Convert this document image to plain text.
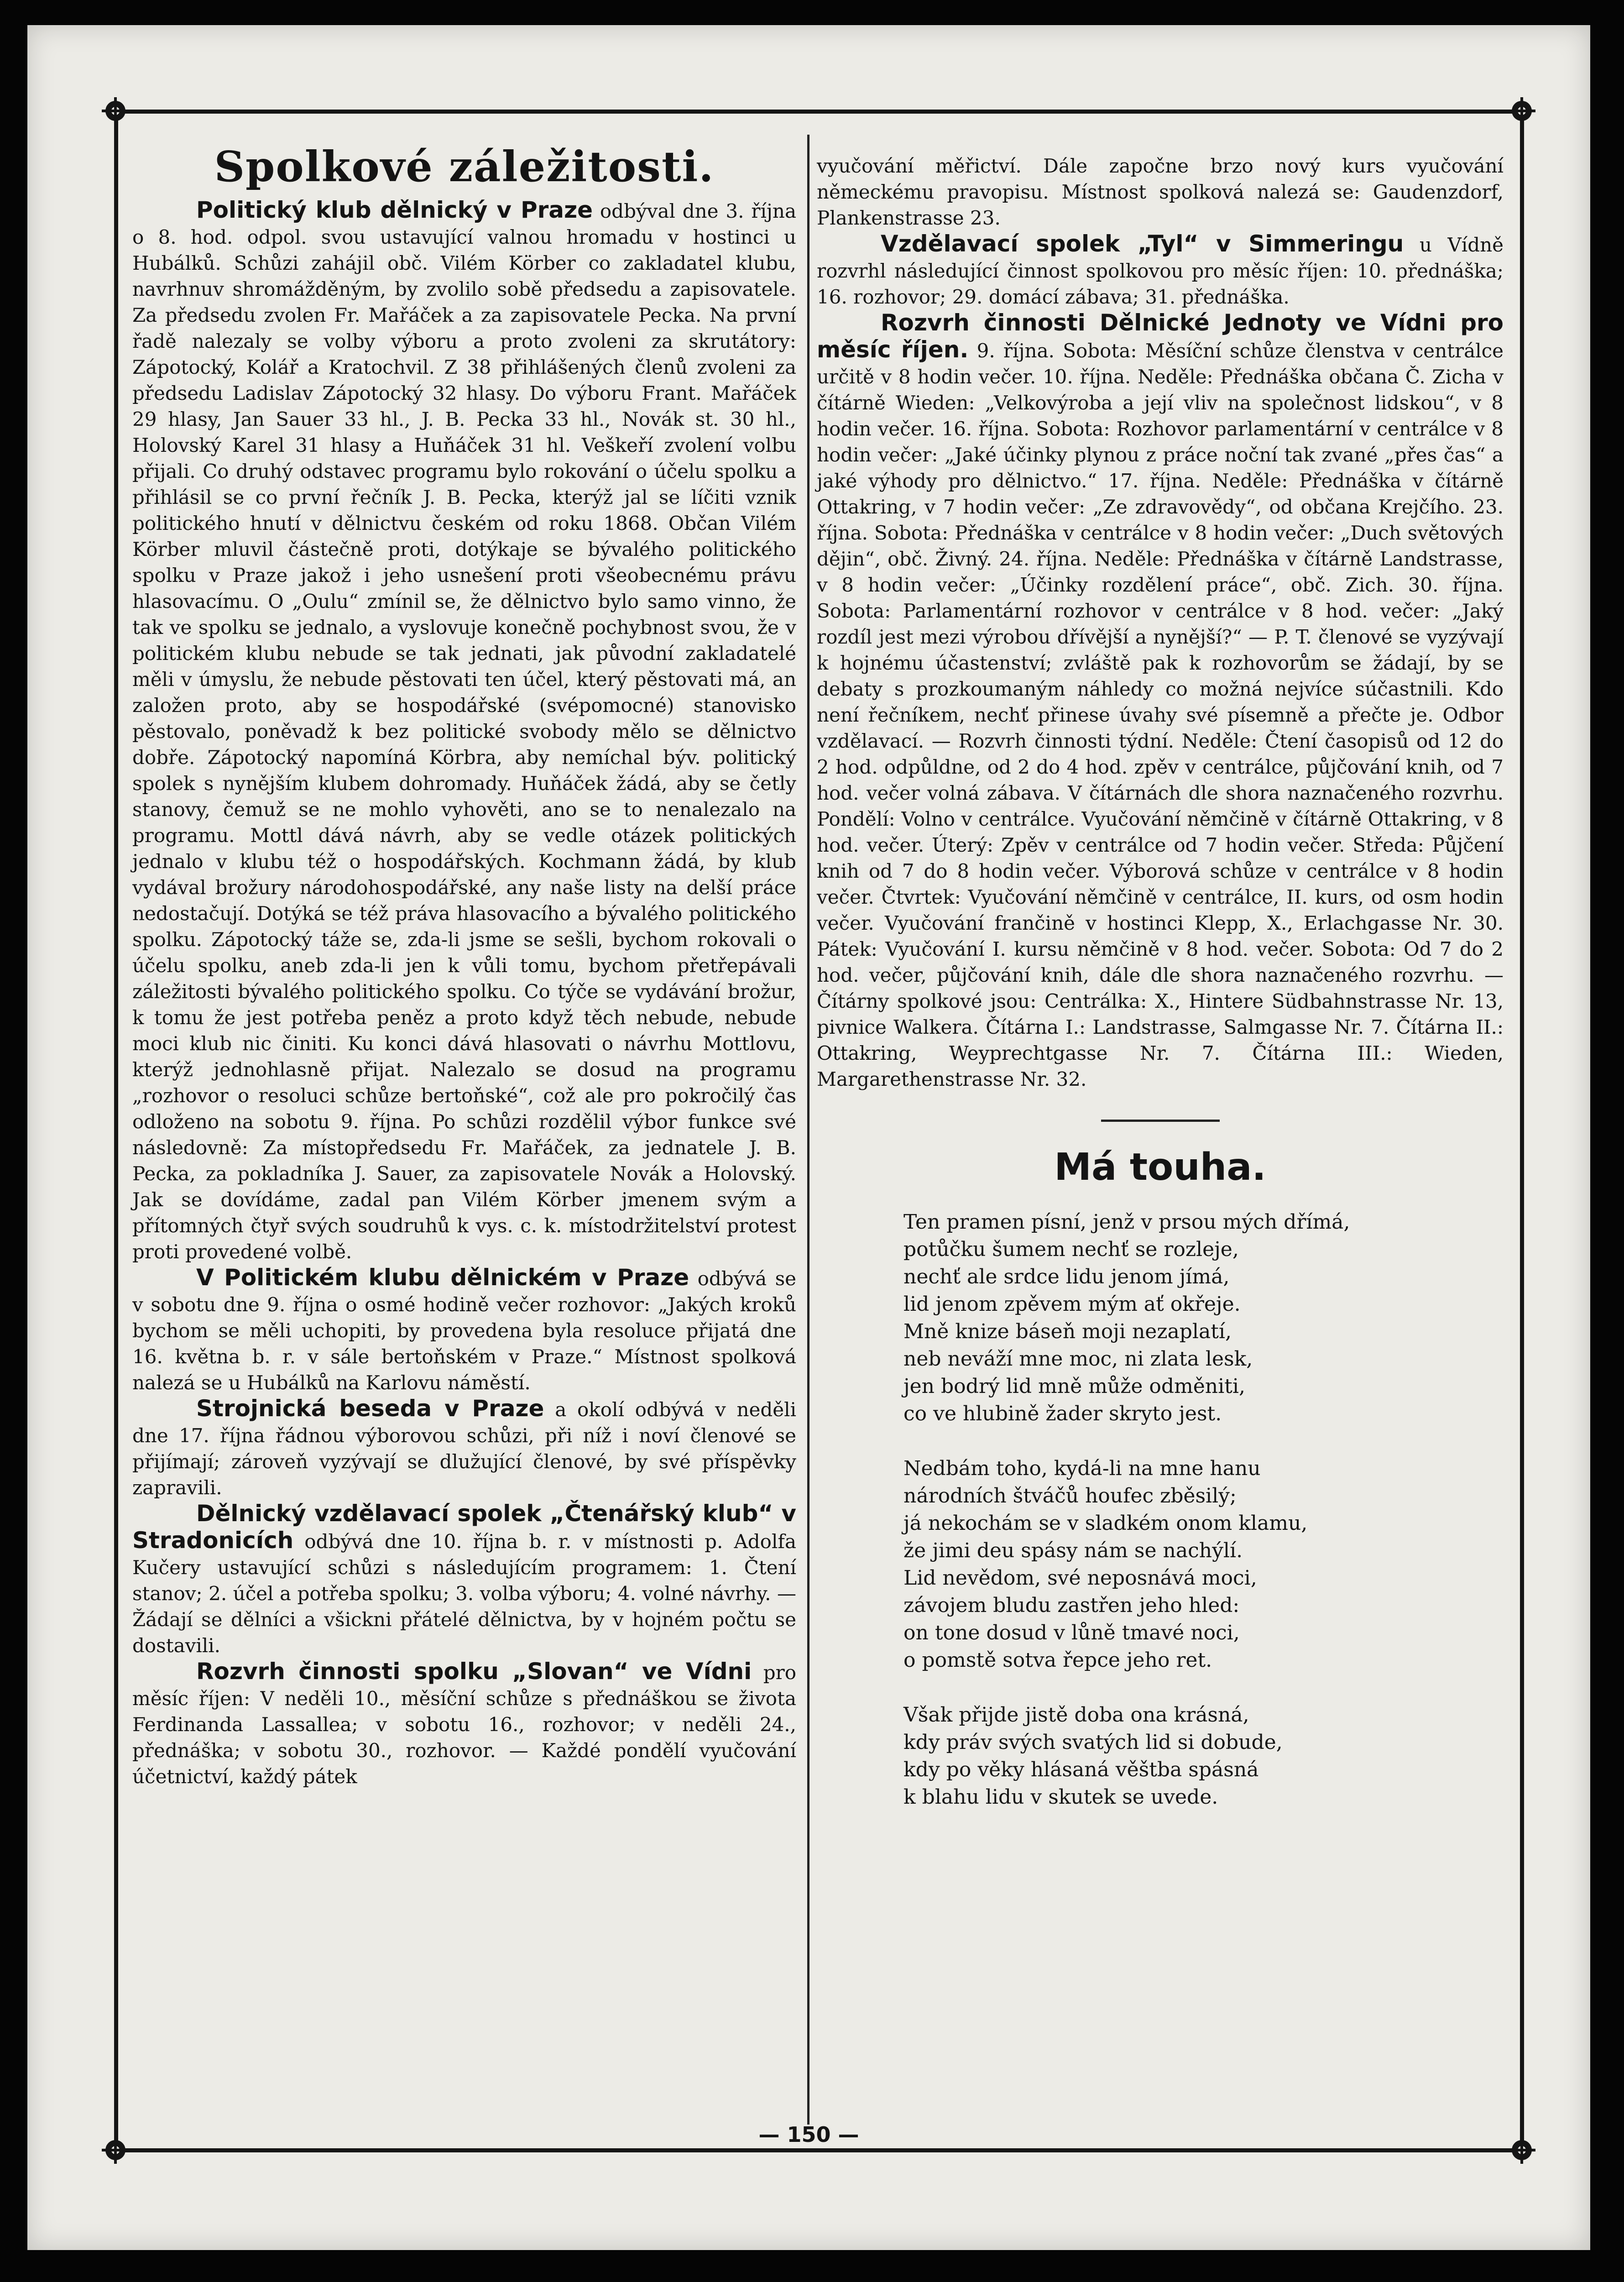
Spolkové záležitosti.

Politický klub dělnický v Praze odbýval dne 3. října o 8. hod. odpol. svou ustavující valnou hromadu v hostinci u Hubálků. Schůzi zahájil obč. Vilém Körber co zakladatel klubu, navrhnuv shromážděným, by zvolilo sobě předsedu a zapisovatele. Za předsedu zvolen Fr. Mařáček a za zapisovatele Pecka. Na první řadě nalezaly se volby výboru a proto zvoleni za skrutátory: Zápotocký, Kolář a Kratochvil. Z 38 přihlášených členů zvoleni za předsedu Ladislav Zápotocký 32 hlasy. Do výboru Frant. Mařáček 29 hlasy, Jan Sauer 33 hl., J. B. Pecka 33 hl., Novák st. 30 hl., Holovský Karel 31 hlasy a Huňáček 31 hl. Veškeří zvolení volbu přijali. Co druhý odstavec programu bylo rokování o účelu spolku a přihlásil se co první řečník J. B. Pecka, kterýž jal se líčiti vznik politického hnutí v dělnictvu českém od roku 1868. Občan Vilém Körber mluvil částečně proti, dotýkaje se bývalého politického spolku v Praze jakož i jeho usnešení proti všeobecnému právu hlasovacímu. O „Oulu“ zmínil se, že dělnictvo bylo samo vinno, že tak ve spolku se jednalo, a vyslovuje konečně pochybnost svou, že v politickém klubu nebude se tak jednati, jak původní zakladatelé měli v úmyslu, že nebude pěstovati ten účel, který pěstovati má, an založen proto, aby se hospodářské (svépomocné) stanovisko pěstovalo, poněvadž k bez politické svobody mělo se dělnictvo dobře. Zápotocký napomíná Körbra, aby nemíchal býv. politický spolek s nynějším klubem dohromady. Huňáček žádá, aby se četly stanovy, čemuž se ne mohlo vyhověti, ano se to nenalezalo na programu. Mottl dává návrh, aby se vedle otázek politických jednalo v klubu též o hospodářských. Kochmann žádá, by klub vydával brožury národohospodářské, any naše listy na delší práce nedostačují. Dotýká se též práva hlasovacího a bývalého politického spolku. Zápotocký táže se, zda-li jsme se sešli, bychom rokovali o účelu spolku, aneb zda-li jen k vůli tomu, bychom přetřepávali záležitosti bývalého politického spolku. Co týče se vydávání brožur, k tomu že jest potřeba peněz a proto když těch nebude, nebude moci klub nic činiti. Ku konci dává hlasovati o návrhu Mottlovu, kterýž jednohlasně přijat. Nalezalo se dosud na programu „rozhovor o resoluci schůze bertoňské“, což ale pro pokročilý čas odloženo na sobotu 9. října. Po schůzi rozdělil výbor funkce své následovně: Za místopředsedu Fr. Mařáček, za jednatele J. B. Pecka, za pokladníka J. Sauer, za zapisovatele Novák a Holovský. Jak se dovídáme, zadal pan Vilém Körber jmenem svým a přítomných čtyř svých soudruhů k vys. c. k. místodržitelství protest proti provedené volbě.

V Politickém klubu dělnickém v Praze odbývá se v sobotu dne 9. října o osmé hodině večer rozhovor: „Jakých kroků bychom se měli uchopiti, by provedena byla resoluce přijatá dne 16. května b. r. v sále bertoňském v Praze.“ Místnost spolková nalezá se u Hubálků na Karlovu náměstí.

Strojnická beseda v Praze a okolí odbývá v neděli dne 17. října řádnou výborovou schůzi, při níž i noví členové se přijímají; zároveň vyzývají se dlužující členové, by své příspěvky zapravili.

Dělnický vzdělavací spolek „Čtenářský klub“ v Stradonicích odbývá dne 10. října b. r. v místnosti p. Adolfa Kučery ustavující schůzi s následujícím programem: 1. Čtení stanov; 2. účel a potřeba spolku; 3. volba výboru; 4. volné návrhy. — Žádají se dělníci a všickni přátelé dělnictva, by v hojném počtu se dostavili.

Rozvrh činnosti spolku „Slovan“ ve Vídni pro měsíc říjen: V neděli 10., měsíční schůze s přednáškou se života Ferdinanda Lassallea; v sobotu 16., rozhovor; v neděli 24., přednáška; v sobotu 30., rozhovor. — Každé pondělí vyučování účetnictví, každý pátek

vyučování měřictví. Dále započne brzo nový kurs vyučování německému pravopisu. Místnost spolková nalezá se: Gaudenzdorf, Plankenstrasse 23.

Vzdělavací spolek „Tyl“ v Simmeringu u Vídně rozvrhl následující činnost spolkovou pro měsíc říjen: 10. přednáška; 16. rozhovor; 29. domácí zábava; 31. přednáška.

Rozvrh činnosti Dělnické Jednoty ve Vídni pro měsíc říjen. 9. října. Sobota: Měsíční schůze členstva v centrálce určitě v 8 hodin večer. 10. října. Neděle: Přednáška občana Č. Zicha v čítárně Wieden: „Velkovýroba a její vliv na společnost lidskou“, v 8 hodin večer. 16. října. Sobota: Rozhovor parlamentární v centrálce v 8 hodin večer: „Jaké účinky plynou z práce noční tak zvané „přes čas“ a jaké výhody pro dělnictvo.“ 17. října. Neděle: Přednáška v čítárně Ottakring, v 7 hodin večer: „Ze zdravovědy“, od občana Krejčího. 23. října. Sobota: Přednáška v centrálce v 8 hodin večer: „Duch světových dějin“, obč. Živný. 24. října. Neděle: Přednáška v čítárně Landstrasse, v 8 hodin večer: „Účinky rozdělení práce“, obč. Zich. 30. října. Sobota: Parlamentární rozhovor v centrálce v 8 hod. večer: „Jaký rozdíl jest mezi výrobou dřívější a nynější?“ — P. T. členové se vyzývají k hojnému účastenství; zvláště pak k rozhovorům se žádají, by se debaty s prozkoumaným náhledy co možná nejvíce súčastnili. Kdo není řečníkem, nechť přinese úvahy své písemně a přečte je. Odbor vzdělavací. — Rozvrh činnosti týdní. Neděle: Čtení časopisů od 12 do 2 hod. odpůldne, od 2 do 4 hod. zpěv v centrálce, půjčování knih, od 7 hod. večer volná zábava. V čítárnách dle shora naznačeného rozvrhu. Pondělí: Volno v centrálce. Vyučování němčině v čítárně Ottakring, v 8 hod. večer. Úterý: Zpěv v centrálce od 7 hodin večer. Středa: Půjčení knih od 7 do 8 hodin večer. Výborová schůze v centrálce v 8 hodin večer. Čtvrtek: Vyučování němčině v centrálce, II. kurs, od osm hodin večer. Vyučování frančině v hostinci Klepp, X., Erlachgasse Nr. 30. Pátek: Vyučování I. kursu němčině v 8 hod. večer. Sobota: Od 7 do 2 hod. večer, půjčování knih, dále dle shora naznačeného rozvrhu. — Čítárny spolkové jsou: Centrálka: X., Hintere Südbahnstrasse Nr. 13, pivnice Walkera. Čítárna I.: Landstrasse, Salmgasse Nr. 7. Čítárna II.: Ottakring, Weyprechtgasse Nr. 7. Čítárna III.: Wieden, Margarethenstrasse Nr. 32.

Má touha.
Ten pramen písní, jenž v prsou mých dřímá,
potůčku šumem nechť se rozleje,
nechť ale srdce lidu jenom jímá,
lid jenom zpěvem mým ať okřeje.
Mně knize báseň moji nezaplatí,
neb neváží mne moc, ni zlata lesk,
jen bodrý lid mně může odměniti,
co ve hlubině žader skryto jest.
Nedbám toho, kydá-li na mne hanu
národních štváčů houfec zběsilý;
já nekochám se v sladkém onom klamu,
že jimi deu spásy nám se nachýlí.
Lid nevědom, své neposnává moci,
závojem bludu zastřen jeho hled:
on tone dosud v lůně tmavé noci,
o pomstě sotva řepce jeho ret.
Však přijde jistě doba ona krásná,
kdy práv svých svatých lid si dobude,
kdy po věky hlásaná věštba spásná
k blahu lidu v skutek se uvede.
— 150 —
